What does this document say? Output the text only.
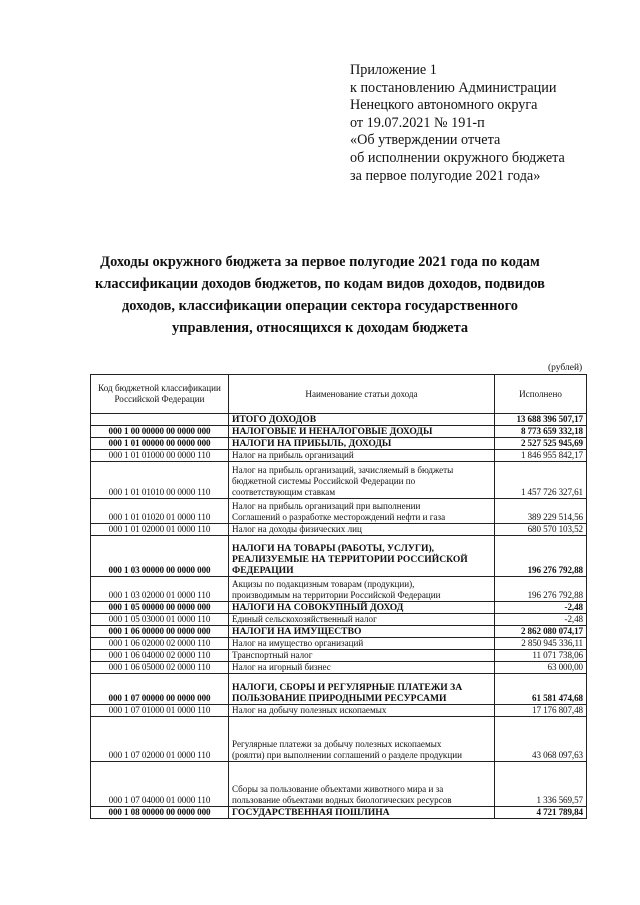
Приложение 1
к постановлению Администрации
Ненецкого автономного округа
от 19.07.2021 № 191-п
«Об утверждении отчета
об исполнении окружного бюджета
за первое полугодие 2021 года»
Доходы окружного бюджета за первое полугодие 2021 года по кодам
классификации доходов бюджетов, по кодам видов доходов, подвидов
доходов, классификации операции сектора государственного
управления, относящихся к доходам бюджета
(рублей)
Код бюджетной классификации Российской Федерации	Наименование статьи дохода	Исполнено
	ИТОГО ДОХОДОВ	13 688 396 507,17
000 1 00 00000 00 0000 000	НАЛОГОВЫЕ И НЕНАЛОГОВЫЕ ДОХОДЫ	8 773 659 332,18
000 1 01 00000 00 0000 000	НАЛОГИ НА ПРИБЫЛЬ, ДОХОДЫ	2 527 525 945,69
000 1 01 01000 00 0000 110	Налог на прибыль организаций	1 846 955 842,17
000 1 01 01010 00 0000 110	Налог на прибыль организаций, зачисляемый в бюджеты
бюджетной системы Российской Федерации по
соответствующим ставкам	1 457 726 327,61
000 1 01 01020 01 0000 110	Налог на прибыль организаций при выполнении
Соглашений о разработке месторождений нефти и газа	389 229 514,56
000 1 01 02000 01 0000 110	Налог на доходы физических лиц	680 570 103,52
000 1 03 00000 00 0000 000	НАЛОГИ НА ТОВАРЫ (РАБОТЫ, УСЛУГИ),
РЕАЛИЗУЕМЫЕ НА ТЕРРИТОРИИ РОССИЙСКОЙ
ФЕДЕРАЦИИ	196 276 792,88
000 1 03 02000 01 0000 110	Акцизы по подакцизным товарам (продукции),
производимым на территории Российской Федерации	196 276 792,88
000 1 05 00000 00 0000 000	НАЛОГИ НА СОВОКУПНЫЙ ДОХОД	-2,48
000 1 05 03000 01 0000 110	Единый сельскохозяйственный налог	-2,48
000 1 06 00000 00 0000 000	НАЛОГИ НА ИМУЩЕСТВО	2 862 080 074,17
000 1 06 02000 02 0000 110	Налог на имущество организаций	2 850 945 336,11
000 1 06 04000 02 0000 110	Транспортный налог	11 071 738,06
000 1 06 05000 02 0000 110	Налог на игорный бизнес	63 000,00
000 1 07 00000 00 0000 000	НАЛОГИ, СБОРЫ И РЕГУЛЯРНЫЕ ПЛАТЕЖИ ЗА
ПОЛЬЗОВАНИЕ ПРИРОДНЫМИ РЕСУРСАМИ	61 581 474,68
000 1 07 01000 01 0000 110	Налог на добычу полезных ископаемых	17 176 807,48
000 1 07 02000 01 0000 110	Регулярные платежи за добычу полезных ископаемых
(роялти) при выполнении соглашений о разделе продукции	43 068 097,63
000 1 07 04000 01 0000 110	Сборы за пользование объектами животного мира и за
пользование объектами водных биологических ресурсов	1 336 569,57
000 1 08 00000 00 0000 000	ГОСУДАРСТВЕННАЯ ПОШЛИНА	4 721 789,84
